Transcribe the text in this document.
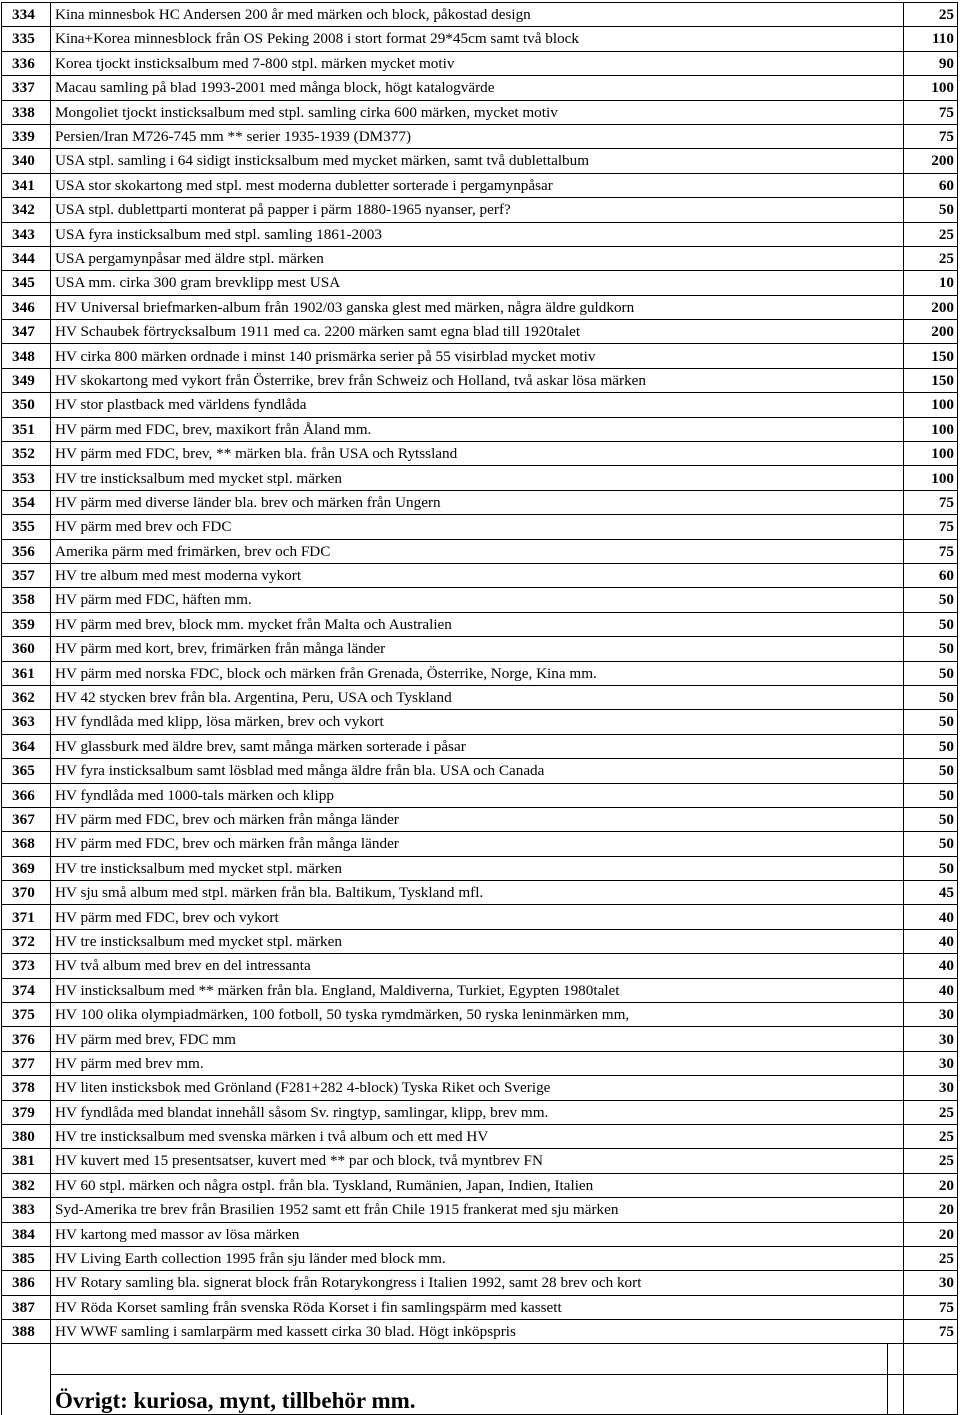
334	Kina minnesbok HC Andersen 200 år med märken och block, påkostad design		25
335	Kina+Korea minnesblock från OS Peking 2008 i stort format 29*45cm samt två block		110
336	Korea tjockt insticksalbum med 7-800 stpl. märken mycket motiv		90
337	Macau samling på blad 1993-2001 med många block, högt katalogvärde		100
338	Mongoliet tjockt insticksalbum med stpl. samling cirka 600 märken, mycket motiv		75
339	Persien/Iran M726-745 mm ** serier 1935-1939 (DM377)		75
340	USA stpl. samling i 64 sidigt insticksalbum med mycket märken, samt två dublettalbum		200
341	USA stor skokartong med stpl. mest moderna dubletter sorterade i pergamynpåsar		60
342	USA stpl. dublettparti monterat på papper i pärm 1880-1965 nyanser, perf?		50
343	USA fyra insticksalbum med stpl. samling 1861-2003		25
344	USA pergamynpåsar med äldre stpl. märken		25
345	USA mm. cirka 300 gram brevklipp mest USA		10
346	HV Universal briefmarken-album från 1902/03 ganska glest med märken, några äldre guldkorn		200
347	HV Schaubek förtrycksalbum 1911 med ca. 2200 märken samt egna blad till 1920talet		200
348	HV cirka 800 märken ordnade i minst 140 prismärka serier på 55 visirblad mycket motiv		150
349	HV skokartong med vykort från Österrike, brev från Schweiz och Holland, två askar lösa märken		150
350	HV stor plastback med världens fyndlåda		100
351	HV pärm med FDC, brev, maxikort från Åland mm.		100
352	HV pärm med FDC, brev, ** märken bla. från USA och Rytssland		100
353	HV tre insticksalbum med mycket stpl. märken		100
354	HV pärm med diverse länder bla. brev och märken från Ungern		75
355	HV pärm med brev och FDC		75
356	Amerika pärm med frimärken, brev och FDC		75
357	HV tre album med mest moderna vykort		60
358	HV pärm med FDC, häften mm.		50
359	HV pärm med brev, block mm. mycket från Malta och Australien		50
360	HV pärm med kort, brev, frimärken från många länder		50
361	HV pärm med norska FDC, block och märken från Grenada, Österrike, Norge, Kina mm.		50
362	HV 42 stycken brev från bla. Argentina, Peru, USA och Tyskland		50
363	HV fyndlåda med klipp, lösa märken, brev och vykort		50
364	HV glassburk med äldre brev, samt många märken sorterade i påsar		50
365	HV fyra insticksalbum samt lösblad med många äldre från bla. USA och Canada		50
366	HV fyndlåda med 1000-tals märken och klipp		50
367	HV pärm med FDC, brev och märken från många länder		50
368	HV pärm med FDC, brev och märken från många länder		50
369	HV tre insticksalbum med mycket stpl. märken		50
370	HV sju små album med stpl. märken från bla. Baltikum, Tyskland mfl.		45
371	HV pärm med FDC, brev och vykort		40
372	HV tre insticksalbum med mycket stpl. märken		40
373	HV två album med brev en del intressanta		40
374	HV insticksalbum med ** märken från bla. England, Maldiverna, Turkiet, Egypten 1980talet		40
375	HV 100 olika olympiadmärken, 100 fotboll, 50 tyska rymdmärken, 50 ryska leninmärken mm,		30
376	HV pärm med brev, FDC mm		30
377	HV pärm med brev mm.		30
378	HV liten insticksbok med Grönland (F281+282 4-block) Tyska Riket och Sverige		30
379	HV fyndlåda med blandat innehåll såsom Sv. ringtyp, samlingar, klipp, brev mm.		25
380	HV tre insticksalbum med svenska märken i två album och ett med HV		25
381	HV kuvert med 15 presentsatser, kuvert med ** par och block, två myntbrev FN		25
382	HV 60 stpl. märken och några ostpl. från bla. Tyskland, Rumänien, Japan, Indien, Italien		20
383	Syd-Amerika tre brev från Brasilien 1952 samt ett från Chile 1915 frankerat med sju märken		20
384	HV kartong med massor av lösa märken		20
385	HV Living Earth collection 1995 från sju länder med block mm.		25
386	HV Rotary samling bla. signerat block från Rotarykongress i Italien 1992, samt 28 brev och kort		30
387	HV Röda Korset samling från svenska Röda Korset i fin samlingspärm med kassett		75
388	HV WWF samling i samlarpärm med kassett cirka 30 blad. Högt inköpspris		75

	Övrigt: kuriosa, mynt, tillbehör mm.		
